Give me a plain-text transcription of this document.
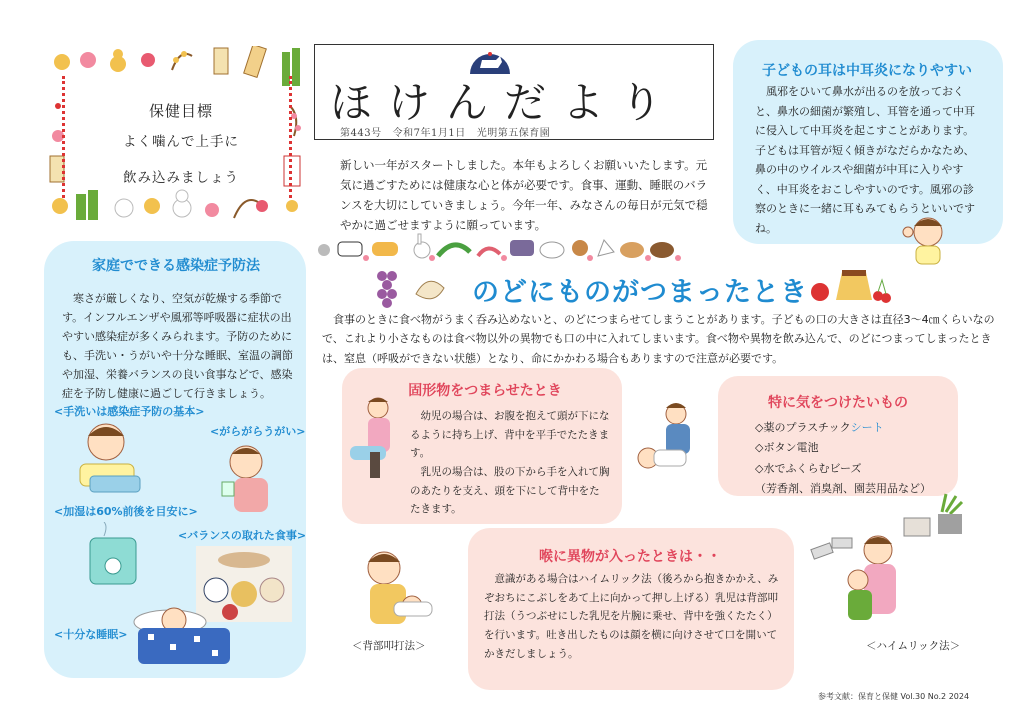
保健目標
よく噛んで上手に
飲み込みましょう
ほけんだより
第443号 令和7年1月1日 光明第五保育園
新しい一年がスタートしました。本年もよろしくお願いいたします。元気に過ごすためには健康な心と体が必要です。食事、運動、睡眠のバランスを大切にしていきましょう。今年一年、みなさんの毎日が元気で穏やかに過ごせますように願っています。
子どもの耳は中耳炎になりやすい
風邪をひいて鼻水が出るのを放っておくと、鼻水の細菌が繁殖し、耳管を通って中耳に侵入して中耳炎を起こすことがあります。子どもは耳管が短く傾きがなだらかなため、鼻の中のウイルスや細菌が中耳に入りやすく、中耳炎をおこしやすいのです。風邪の診察のときに一緒に耳もみてもらうといいですね。
家庭でできる感染症予防法
寒さが厳しくなり、空気が乾燥する季節です。インフルエンザや風邪等呼吸器に症状の出やすい感染症が多くみられます。予防のためにも、手洗い・うがいや十分な睡眠、室温の調節や加湿、栄養バランスの良い食事などで、感染症を予防し健康に過ごして行きましょう。
<手洗いは感染症予防の基本>
<がらがらうがい>
<加湿は60%前後を目安に>
<バランスの取れた食事>
<十分な睡眠>
のどにものがつまったとき
食事のときに食べ物がうまく呑み込めないと、のどにつまらせてしまうことがあります。子どもの口の大きさは直径3～4㎝くらいなので、これより小さなものは食べ物以外の異物でも口の中に入れてしまいます。食べ物や異物を飲み込んで、のどにつまってしまったときは、窒息（呼吸ができない状態）となり、命にかかわる場合もありますので注意が必要です。
固形物をつまらせたとき
幼児の場合は、お腹を抱えて頭が下になるように持ち上げ、背中を平手でたたきます。
乳児の場合は、股の下から手を入れて胸のあたりを支え、頭を下にして背中をたたきます。
特に気をつけたいもの
◇薬のプラスチックシート
◇ボタン電池
◇水でふくらむビーズ
（芳香剤、消臭剤、園芸用品など）
＜背部叩打法＞
喉に異物が入ったときは・・
意識がある場合はハイムリック法（後ろから抱きかかえ、みぞおちにこぶしをあて上に向かって押し上げる）乳児は背部叩打法（うつぶせにした乳児を片腕に乗せ、背中を強くたたく）を行います。吐き出したものは顔を横に向けさせて口を開いてかきだしましょう。
＜ハイムリック法＞
参考文献：保育と保健 Vol.30 No.2 2024
